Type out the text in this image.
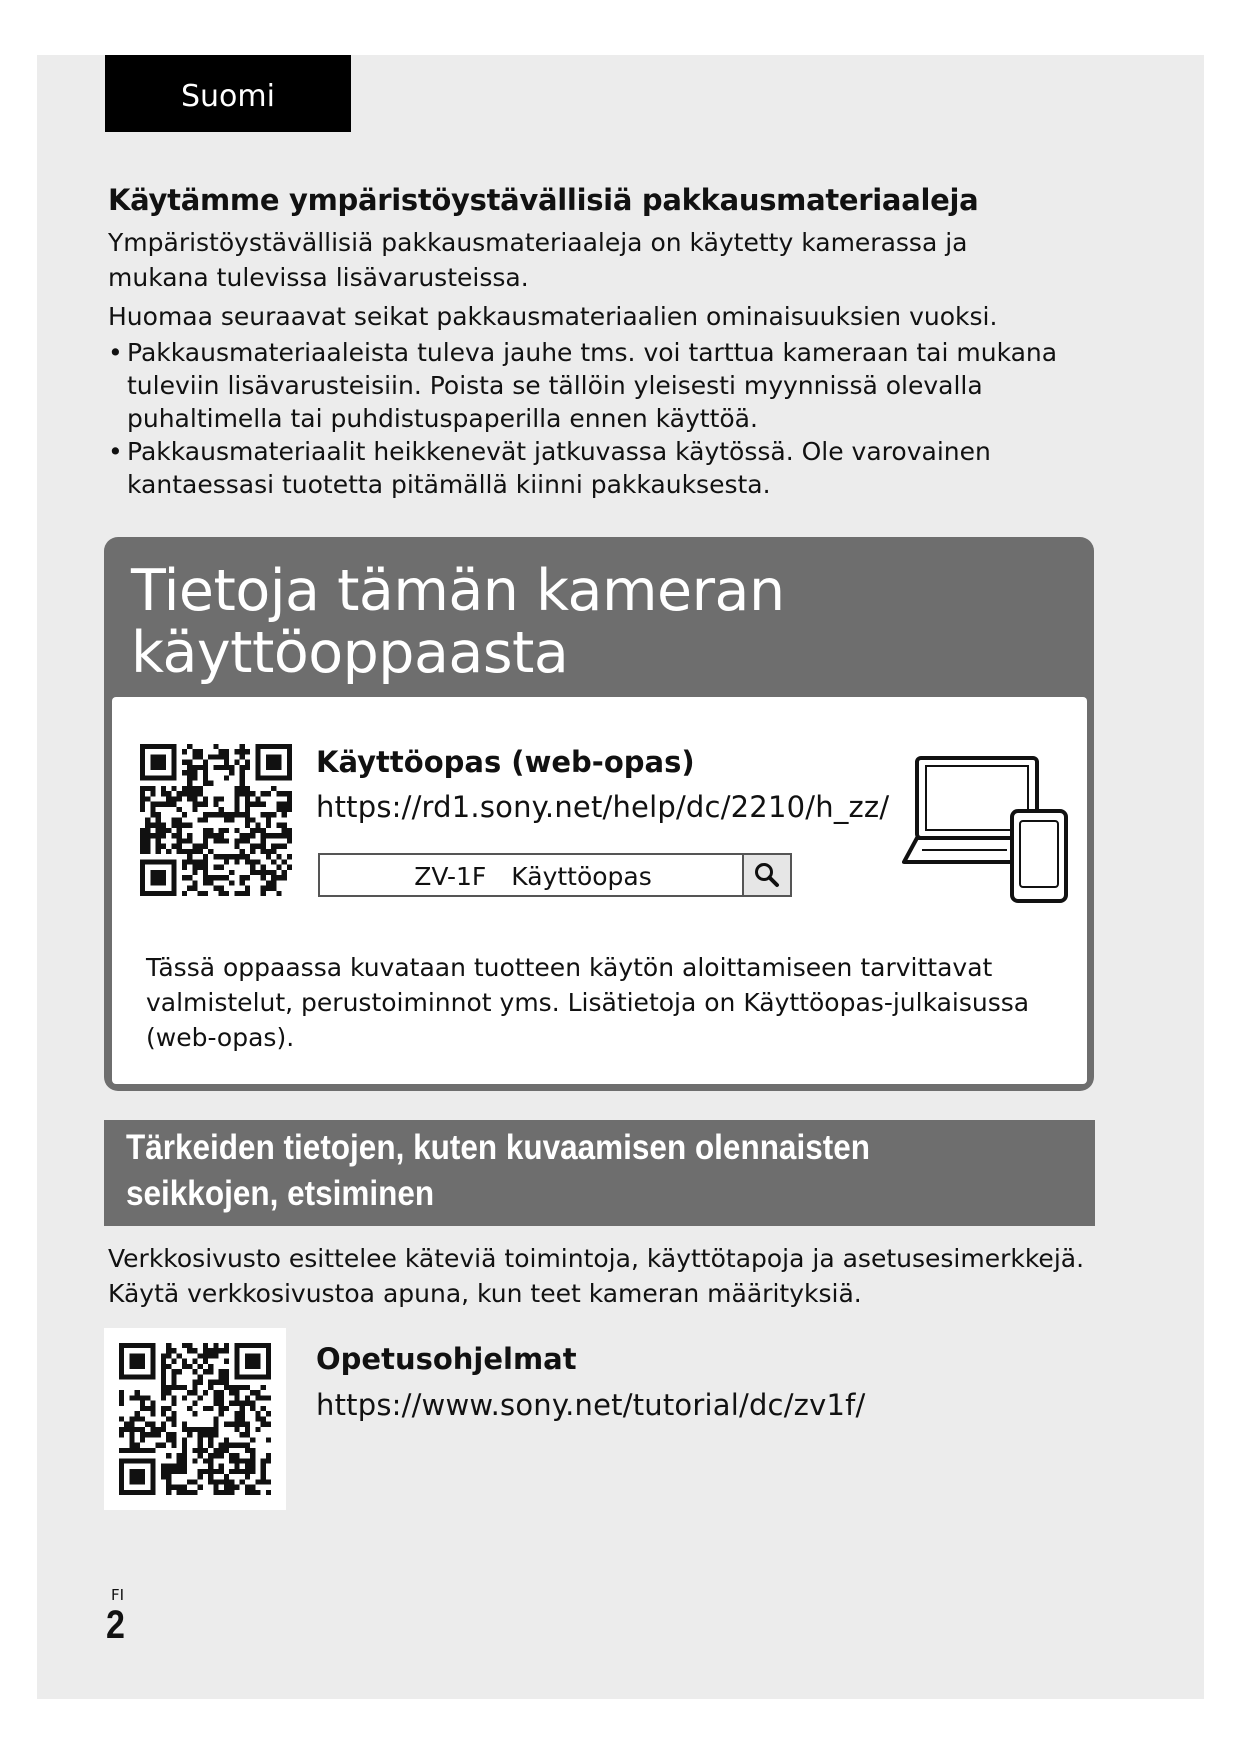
Suomi
Käytämme ympäristöystävällisiä pakkausmateriaaleja
Ympäristöystävällisiä pakkausmateriaaleja on käytetty kamerassa ja mukana tulevissa lisävarusteissa.
Huomaa seuraavat seikat pakkausmateriaalien ominaisuuksien vuoksi.
• Pakkausmateriaaleista tuleva jauhe tms. voi tarttua kameraan tai mukana tuleviin lisävarusteisiin. Poista se tällöin yleisesti myynnissä olevalla puhaltimella tai puhdistuspaperilla ennen käyttöä.
• Pakkausmateriaalit heikkenevät jatkuvassa käytössä. Ole varovainen kantaessasi tuotetta pitämällä kiinni pakkauksesta.
Tietoja tämän kameran
käyttöoppaasta
Käyttöopas (web-opas)
https://rd1.sony.net/help/dc/2210/h_zz/
ZV-1F　Käyttöopas
Tässä oppaassa kuvataan tuotteen käytön aloittamiseen tarvittavat valmistelut, perustoiminnot yms. Lisätietoja on Käyttöopas-julkaisussa (web-opas).
Tärkeiden tietojen, kuten kuvaamisen olennaisten
seikkojen, etsiminen
Verkkosivusto esittelee käteviä toimintoja, käyttötapoja ja asetusesimerkkejä. Käytä verkkosivustoa apuna, kun teet kameran määrityksiä.
Opetusohjelmat
https://www.sony.net/tutorial/dc/zv1f/
FI
2
